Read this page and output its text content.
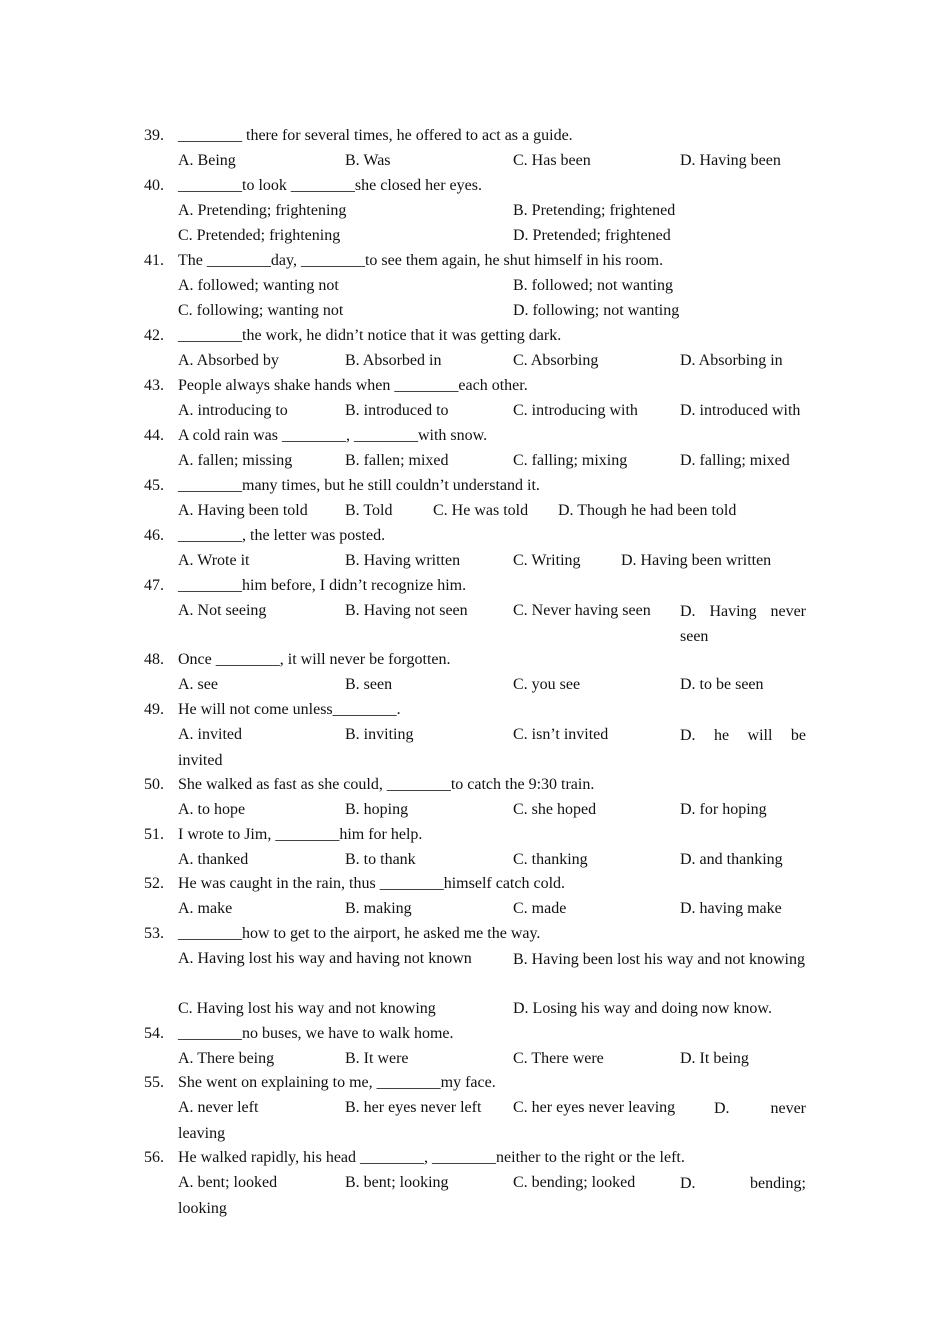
39. ________ there for several times, he offered to act as a guide.
A. Being	B. Was	C. Has been	D. Having been
40. ________to look ________she closed her eyes.
A. Pretending; frightening	B. Pretending; frightened
C. Pretended; frightening	D. Pretended; frightened
41. The ________day, ________to see them again, he shut himself in his room.
A. followed; wanting not	B. followed; not wanting
C. following; wanting not	D. following; not wanting
42. ________the work, he didn’t notice that it was getting dark.
A. Absorbed by	B. Absorbed in	C. Absorbing	D. Absorbing in
43. People always shake hands when ________each other.
A. introducing to	B. introduced to	C. introducing with	D. introduced with
44. A cold rain was ________, ________with snow.
A. fallen; missing	B. fallen; mixed	C. falling; mixing	D. falling; mixed
45. ________many times, but he still couldn’t understand it.
A. Having been told B. Told	C. He was told D. Though he had been told
46. ________, the letter was posted.
A. Wrote it	B. Having written	C. Writing	D. Having been written
47. ________him before, I didn’t recognize him.
A. Not seeing	B. Having not seen	C. Never having seen D. Having never seen
48. Once ________, it will never be forgotten.
A. see	B. seen	C. you see	D. to be seen
49. He will not come unless________.
A. invited	B. inviting	C. isn’t invited	D. he will be invited
50. She walked as fast as she could, ________to catch the 9:30 train.
A. to hope	B. hoping	C. she hoped	D. for hoping
51. I wrote to Jim, ________him for help.
A. thanked	B. to thank	C. thanking	D. and thanking
52. He was caught in the rain, thus ________himself catch cold.
A. make	B. making	C. made	D. having make
53. ________how to get to the airport, he asked me the way.
A. Having lost his way and having not known	B. Having been lost his way and not knowing
C. Having lost his way and not knowing	D. Losing his way and doing now know.
54. ________no buses, we have to walk home.
A. There being	B. It were	C. There were	D. It being
55. She went on explaining to me, ________my face.
A. never left	B. her eyes never left C. her eyes never leaving	D. never leaving
56. He walked rapidly, his head ________, ________neither to the right or the left.
A. bent; looked	B. bent; looking	C. bending; looked	D. bending; looking
